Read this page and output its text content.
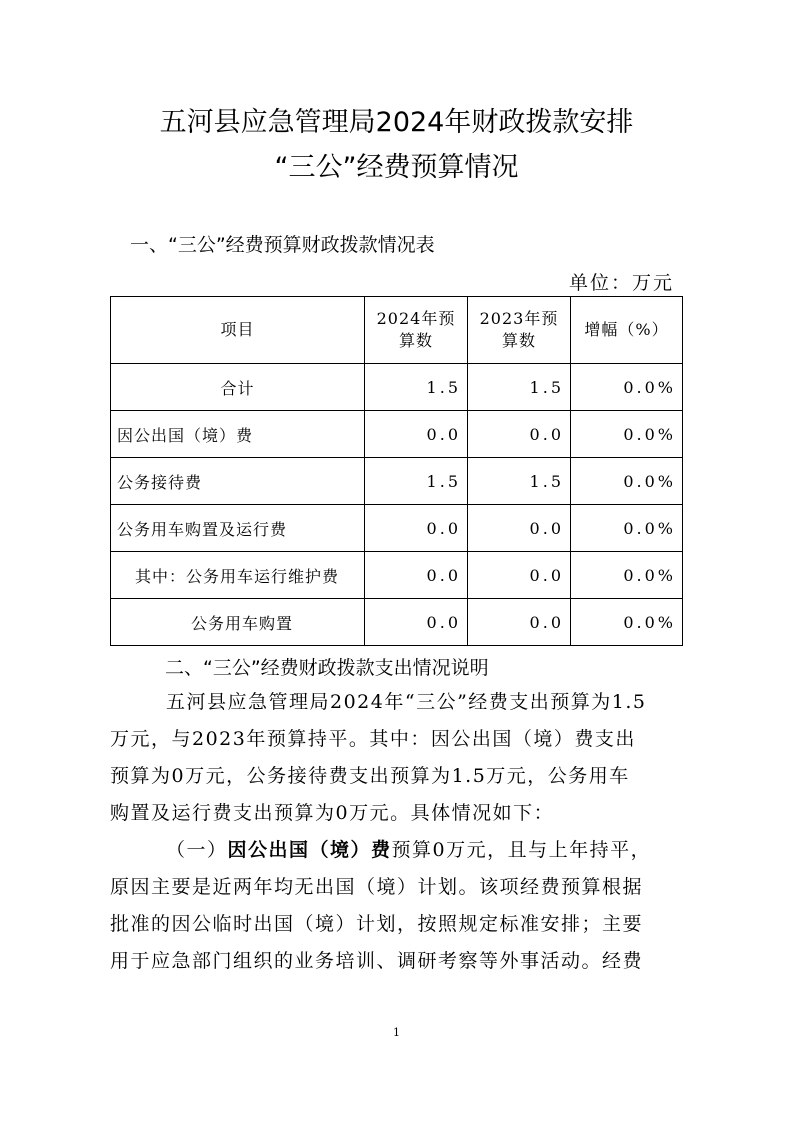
五河县应急管理局2024年财政拨款安排
“三公”经费预算情况
一、“三公”经费预算财政拨款情况表
单位：万元
项目	2024年预算数	2023年预算数	增幅（%）
合计	1.5	1.5	0.0%
因公出国（境）费	0.0	0.0	0.0%
公务接待费	1.5	1.5	0.0%
公务用车购置及运行费	0.0	0.0	0.0%
其中：公务用车运行维护费	0.0	0.0	0.0%
公务用车购置	0.0	0.0	0.0%
二、“三公”经费财政拨款支出情况说明
五河县应急管理局2024年“三公”经费支出预算为1.5
万元，与2023年预算持平。其中：因公出国（境）费支出
预算为0万元，公务接待费支出预算为1.5万元，公务用车
购置及运行费支出预算为0万元。具体情况如下：
（一）因公出国（境）费预算0万元，且与上年持平，
原因主要是近两年均无出国（境）计划。该项经费预算根据
批准的因公临时出国（境）计划，按照规定标准安排；主要
用于应急部门组织的业务培训、调研考察等外事活动。经费
1
